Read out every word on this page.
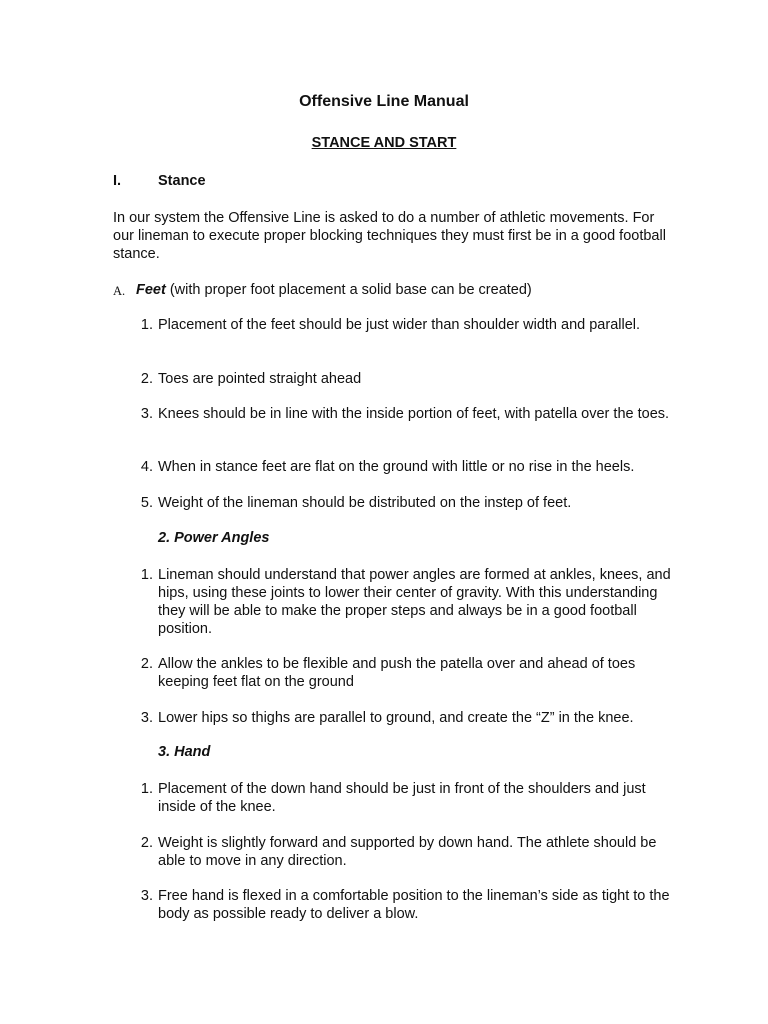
Offensive Line Manual

STANCE AND START

I.	Stance

In our system the Offensive Line is asked to do a number of athletic movements. For our lineman to execute proper blocking techniques they must first be in a good football stance.

A. Feet (with proper foot placement a solid base can be created)

1. Placement of the feet should be just wider than shoulder width and parallel.

2. Toes are pointed straight ahead

3. Knees should be in line with the inside portion of feet, with patella over the toes.

4. When in stance feet are flat on the ground with little or no rise in the heels.

5. Weight of the lineman should be distributed on the instep of feet.

2. Power Angles

1. Lineman should understand that power angles are formed at ankles, knees, and hips, using these joints to lower their center of gravity. With this understanding they will be able to make the proper steps and always be in a good football position.

2. Allow the ankles to be flexible and push the patella over and ahead of toes keeping feet flat on the ground

3. Lower hips so thighs are parallel to ground, and create the “Z” in the knee.

3. Hand

1. Placement of the down hand should be just in front of the shoulders and just inside of the knee.

2. Weight is slightly forward and supported by down hand. The athlete should be able to move in any direction.

3. Free hand is flexed in a comfortable position to the lineman’s side as tight to the body as possible ready to deliver a blow.
